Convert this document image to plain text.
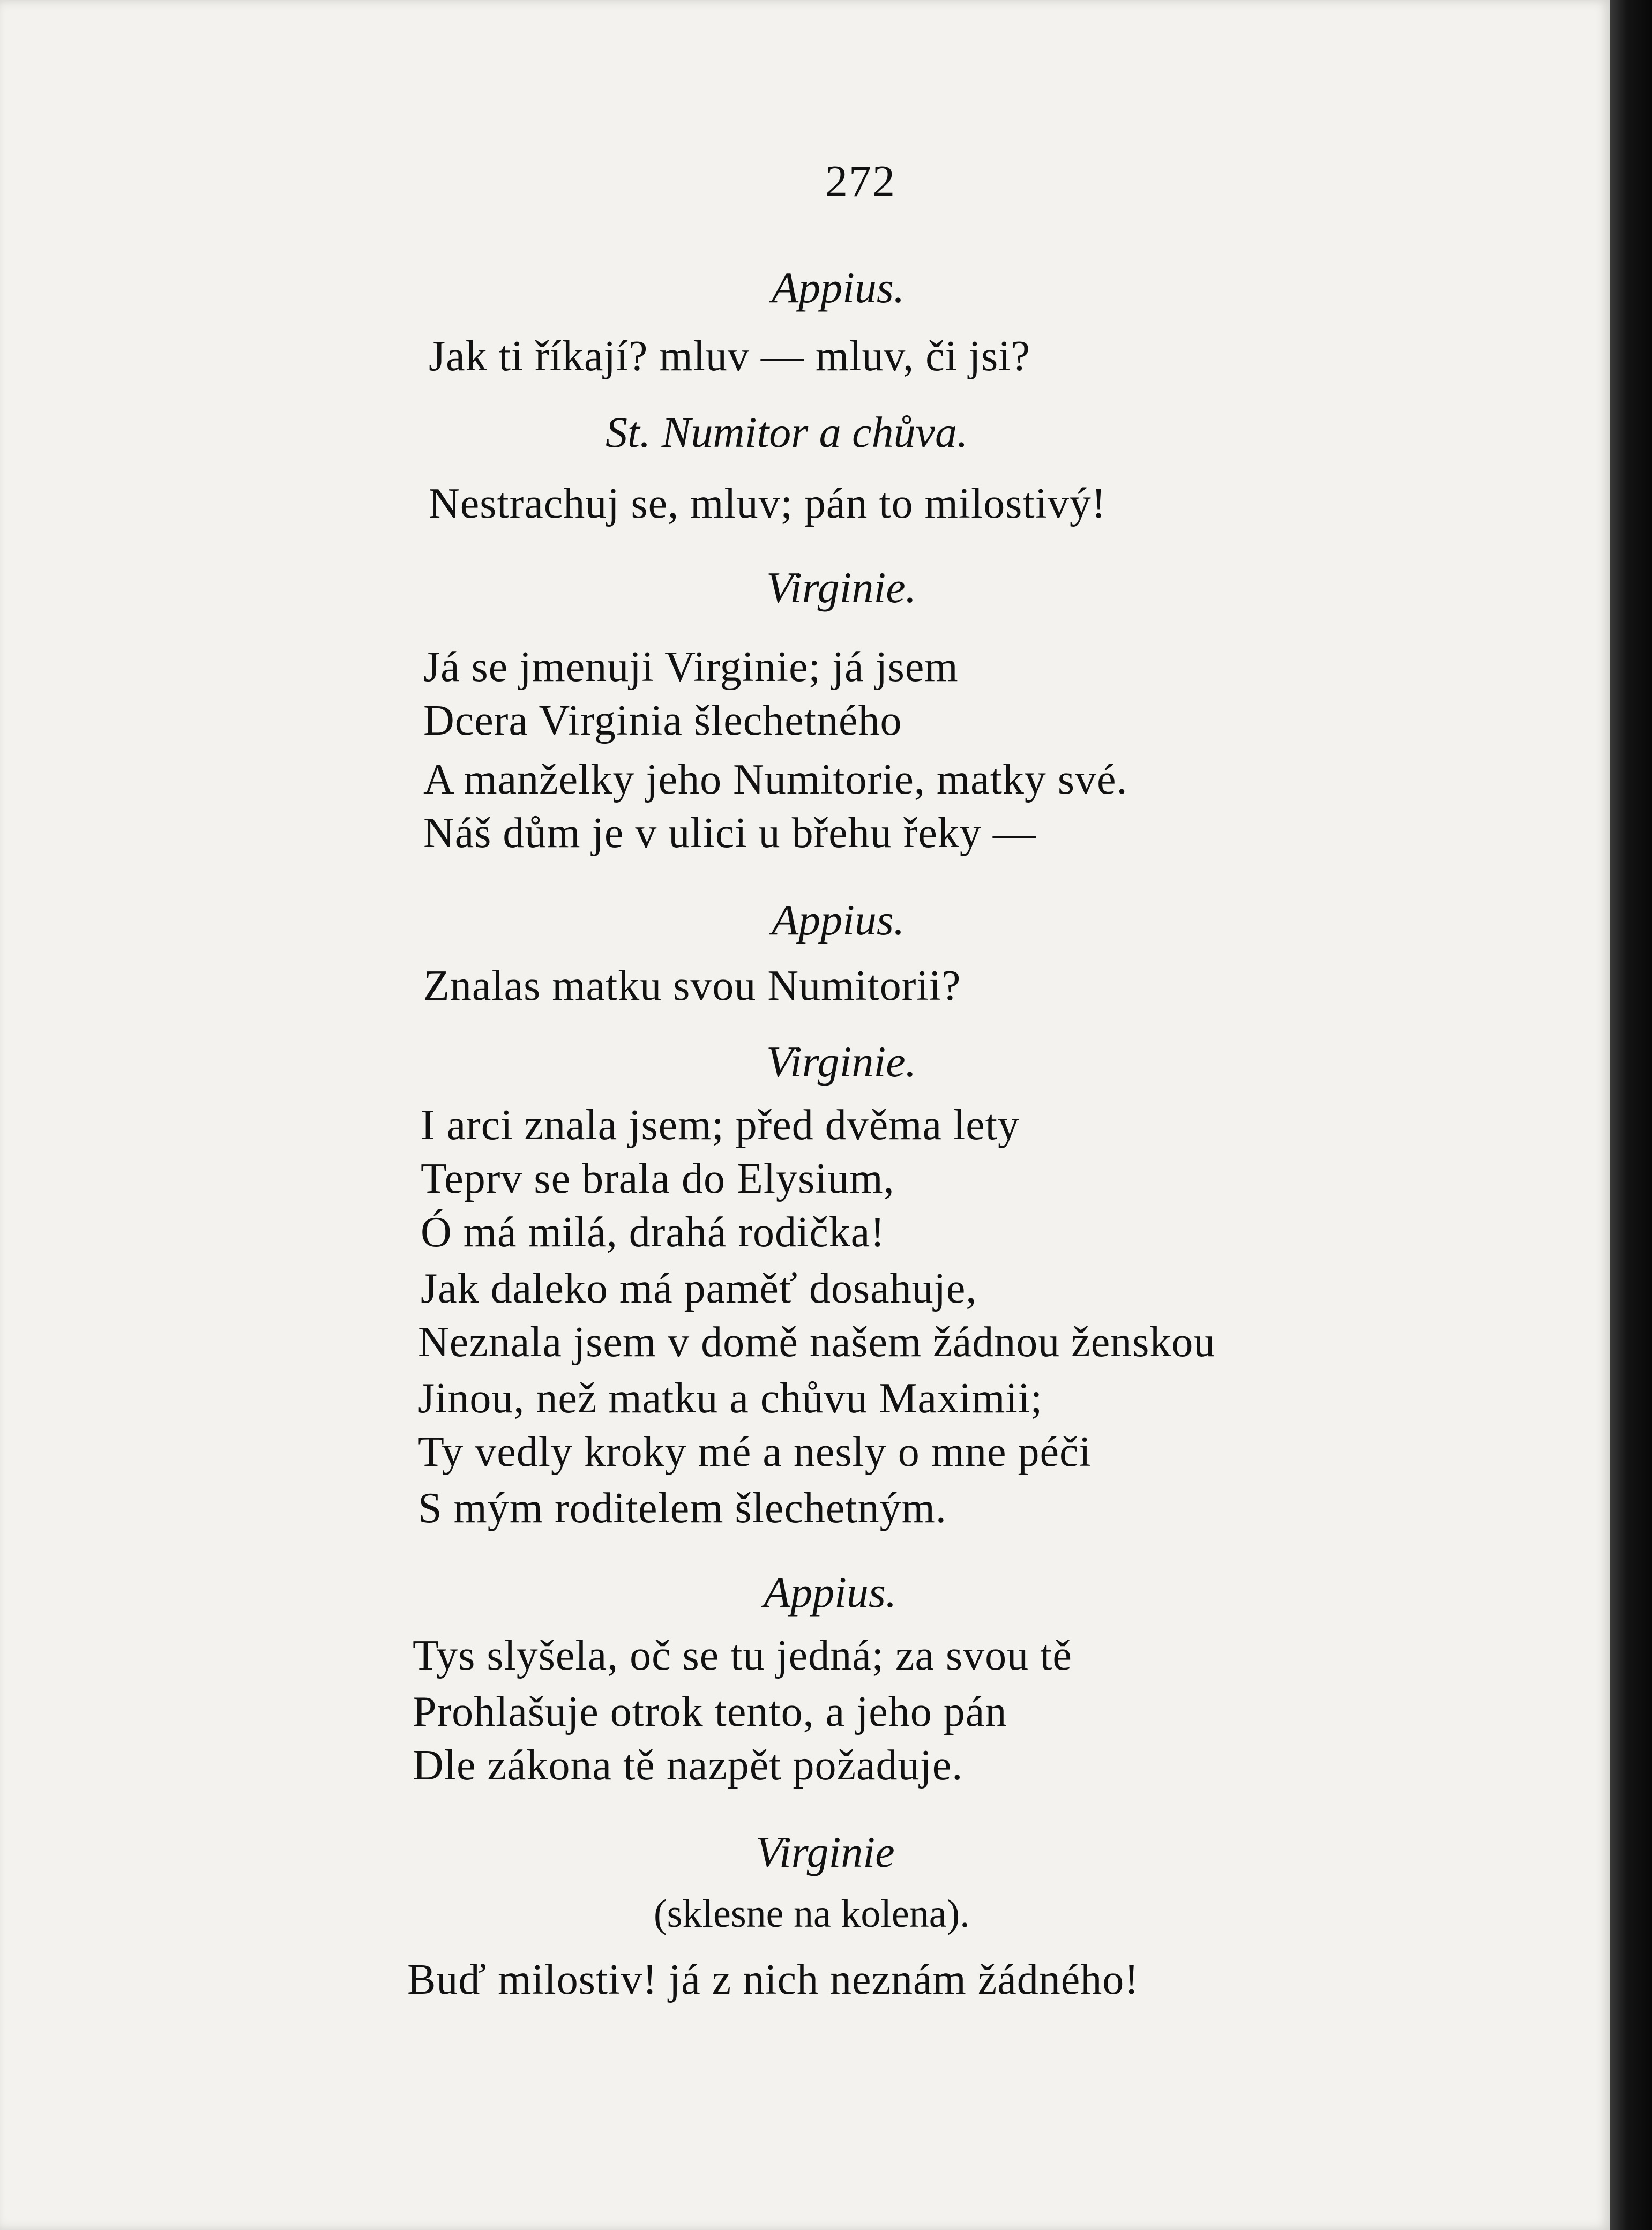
272
Appius.
Jak ti říkají? mluv — mluv, či jsi?
St. Numitor a chůva.
Nestrachuj se, mluv; pán to milostivý!
Virginie.
Já se jmenuji Virginie; já jsem
Dcera Virginia šlechetného
A manželky jeho Numitorie, matky své.
Náš dům je v ulici u břehu řeky —
Appius.
Znalas matku svou Numitorii?
Virginie.
I arci znala jsem; před dvěma lety
Teprv se brala do Elysium,
Ó má milá, drahá rodička!
Jak daleko má paměť dosahuje,
Neznala jsem v domě našem žádnou ženskou
Jinou, než matku a chůvu Maximii;
Ty vedly kroky mé a nesly o mne péči
S mým roditelem šlechetným.
Appius.
Tys slyšela, oč se tu jedná; za svou tě
Prohlašuje otrok tento, a jeho pán
Dle zákona tě nazpět požaduje.
Virginie
(sklesne na kolena).
Buď milostiv! já z nich neznám žádného!
